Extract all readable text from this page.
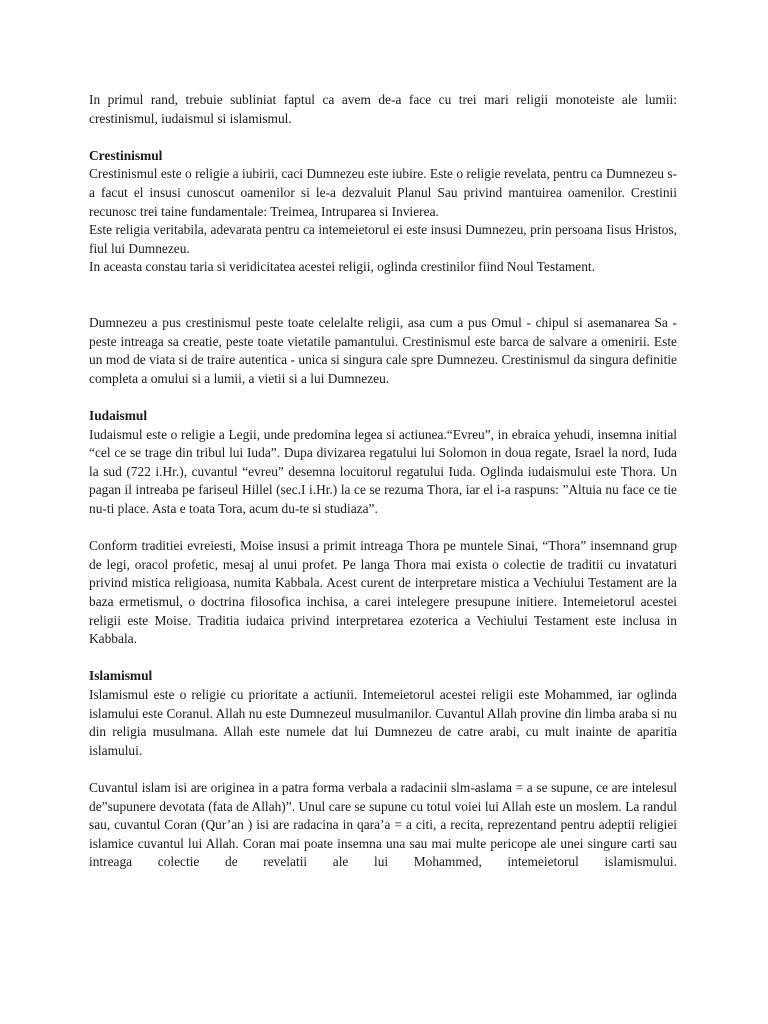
In primul rand, trebuie subliniat faptul ca avem de-a face cu trei mari religii monoteiste ale lumii: crestinismul, iudaismul si islamismul.

Crestinismul

Crestinismul este o religie a iubirii, caci Dumnezeu este iubire. Este o religie revelata, pentru ca Dumnezeu s-a facut el insusi cunoscut oamenilor si le-a dezvaluit Planul Sau privind mantuirea oamenilor. Crestinii recunosc trei taine fundamentale: Treimea, Intruparea si Invierea.

Este religia veritabila, adevarata pentru ca intemeietorul ei este insusi Dumnezeu, prin persoana Iisus Hristos, fiul lui Dumnezeu.

In aceasta constau taria si veridicitatea acestei religii, oglinda crestinilor fiind Noul Testament.

Dumnezeu a pus crestinismul peste toate celelalte religii, asa cum a pus Omul - chipul si asemanarea Sa - peste intreaga sa creatie, peste toate vietatile pamantului. Crestinismul este barca de salvare a omenirii. Este un mod de viata si de traire autentica - unica si singura cale spre Dumnezeu. Crestinismul da singura definitie completa a omului si a lumii, a vietii si a lui Dumnezeu.

Iudaismul

Iudaismul este o religie a Legii, unde predomina legea si actiunea.“Evreu”, in ebraica yehudi, insemna initial “cel ce se trage din tribul lui Iuda”. Dupa divizarea regatului lui Solomon in doua regate, Israel la nord, Iuda la sud (722 i.Hr.), cuvantul “evreu” desemna locuitorul regatului Iuda. Oglinda iudaismului este Thora. Un pagan il intreaba pe fariseul Hillel (sec.I i.Hr.) la ce se rezuma Thora, iar el i-a raspuns: ”Altuia nu face ce tie nu-ti place. Asta e toata Tora, acum du-te si studiaza”.

Conform traditiei evreiesti, Moise insusi a primit intreaga Thora pe muntele Sinai, “Thora” insemnand grup de legi, oracol profetic, mesaj al unui profet. Pe langa Thora mai exista o colectie de traditii cu invataturi privind mistica religioasa, numita Kabbala. Acest curent de interpretare mistica a Vechiului Testament are la baza ermetismul, o doctrina filosofica inchisa, a carei intelegere presupune initiere. Intemeietorul acestei religii este Moise. Traditia iudaica privind interpretarea ezoterica a Vechiului Testament este inclusa in Kabbala.

Islamismul

Islamismul este o religie cu prioritate a actiunii. Intemeietorul acestei religii este Mohammed, iar oglinda islamului este Coranul. Allah nu este Dumnezeul musulmanilor. Cuvantul Allah provine din limba araba si nu din religia musulmana. Allah este numele dat lui Dumnezeu de catre arabi, cu mult inainte de aparitia islamului.

Cuvantul islam isi are originea in a patra forma verbala a radacinii slm-aslama = a se supune, ce are intelesul de”supunere devotata (fata de Allah)”. Unul care se supune cu totul voiei lui Allah este un moslem. La randul sau, cuvantul Coran (Qur’an ) isi are radacina in qara’a = a citi, a recita, reprezentand pentru adeptii religiei islamice cuvantul lui Allah. Coran mai poate insemna una sau mai multe pericope ale unei singure carti sau intreaga colectie de revelatii ale lui Mohammed, intemeietorul islamismului.
